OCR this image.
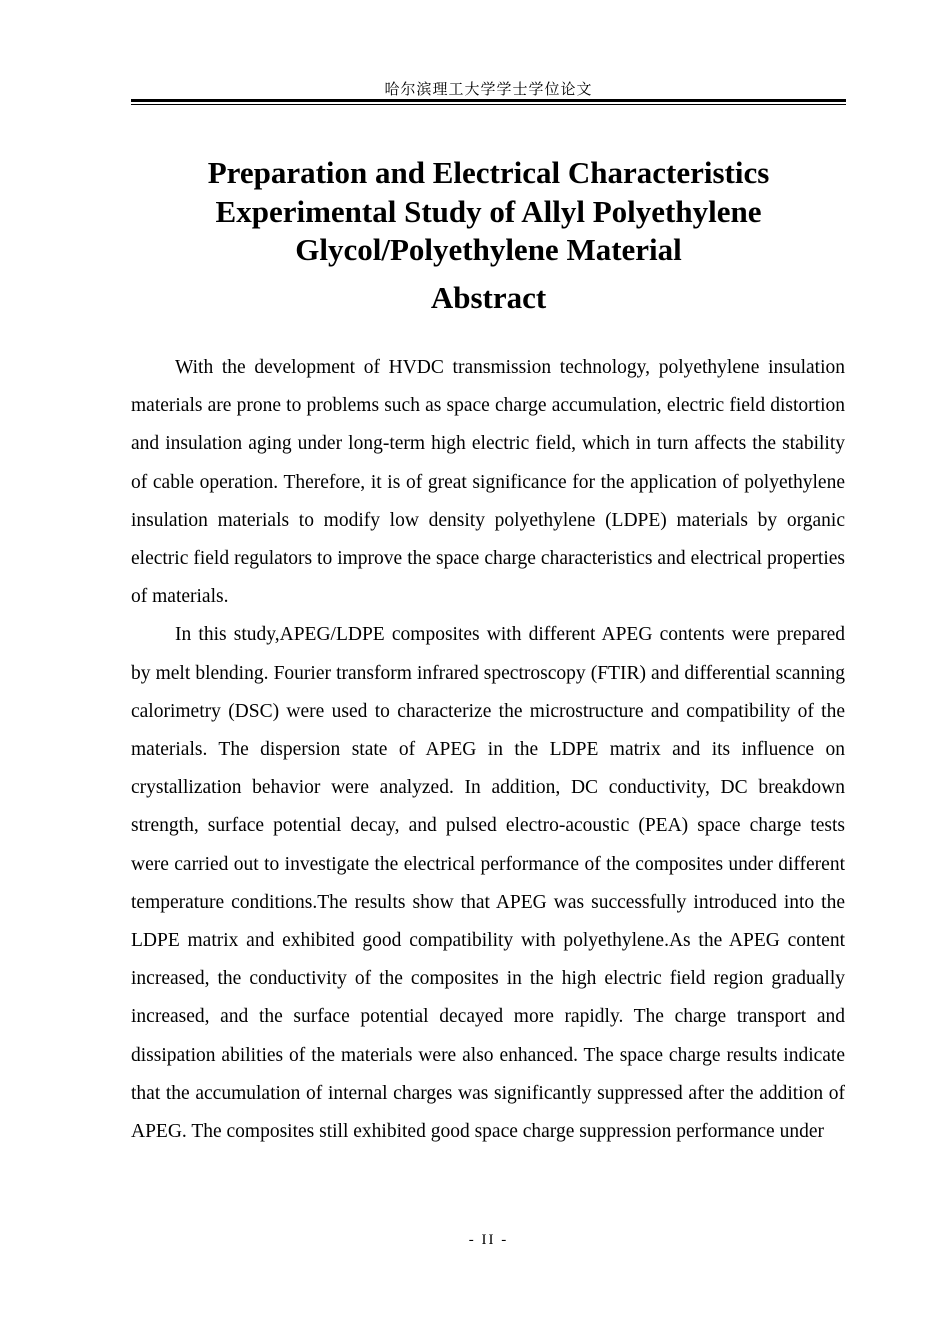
哈尔滨理工大学学士学位论文
Preparation and Electrical Characteristics Experimental Study of Allyl Polyethylene Glycol/Polyethylene Material
Abstract

With the development of HVDC transmission technology, polyethylene insulation materials are prone to problems such as space charge accumulation, electric field distortion and insulation aging under long-term high electric field, which in turn affects the stability of cable operation. Therefore, it is of great significance for the application of polyethylene insulation materials to modify low density polyethylene (LDPE) materials by organic electric field regulators to improve the space charge characteristics and electrical properties of materials.

In this study,APEG/LDPE composites with different APEG contents were prepared by melt blending. Fourier transform infrared spectroscopy (FTIR) and differential scanning calorimetry (DSC) were used to characterize the microstructure and compatibility of the materials. The dispersion state of APEG in the LDPE matrix and its influence on crystallization behavior were analyzed. In addition, DC conductivity, DC breakdown strength, surface potential decay, and pulsed electro-acoustic (PEA) space charge tests were carried out to investigate the electrical performance of the composites under different temperature conditions.The results show that APEG was successfully introduced into the LDPE matrix and exhibited good compatibility with polyethylene.As the APEG content increased, the conductivity of the composites in the high electric field region gradually increased, and the surface potential decayed more rapidly. The charge transport and dissipation abilities of the materials were also enhanced. The space charge results indicate that the accumulation of internal charges was significantly suppressed after the addition of APEG. The composites still exhibited good space charge suppression performance under

- II -
